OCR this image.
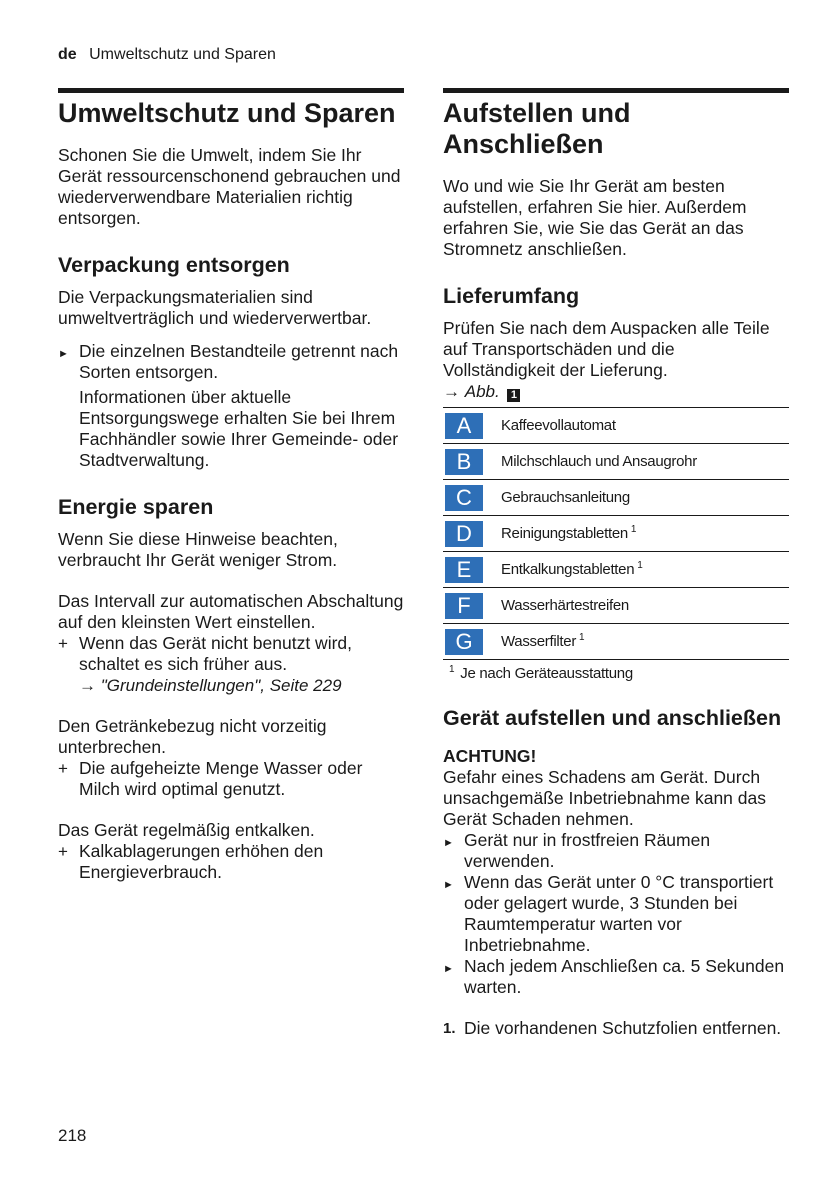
de Umweltschutz und Sparen
Umweltschutz und Sparen

Schonen Sie die Umwelt, indem Sie Ihr Gerät ressourcenschonend gebrauchen und wiederverwendbare Materialien richtig entsorgen.

Verpackung entsorgen

Die Verpackungsmaterialien sind umweltverträglich und wiederverwertbar.

► Die einzelnen Bestandteile getrennt nach Sorten entsorgen.
Informationen über aktuelle Entsorgungswege erhalten Sie bei Ihrem Fachhändler sowie Ihrer Gemeinde- oder Stadtverwaltung.
Energie sparen

Wenn Sie diese Hinweise beachten, verbraucht Ihr Gerät weniger Strom.

Das Intervall zur automatischen Abschaltung auf den kleinsten Wert einstellen.

+ Wenn das Gerät nicht benutzt wird, schaltet es sich früher aus.
→ "Grundeinstellungen", Seite 229

Den Getränkebezug nicht vorzeitig unterbrechen.

+ Die aufgeheizte Menge Wasser oder Milch wird optimal genutzt.

Das Gerät regelmäßig entkalken.

+ Kalkablagerungen erhöhen den Energieverbrauch.
Aufstellen und Anschließen

Wo und wie Sie Ihr Gerät am besten aufstellen, erfahren Sie hier. Außerdem erfahren Sie, wie Sie das Gerät an das Stromnetz anschließen.

Lieferumfang

Prüfen Sie nach dem Auspacken alle Teile auf Transportschäden und die Vollständigkeit der Lieferung.

→ Abb. 1
A	Kaffeevollautomat
B	Milchschlauch und Ansaugrohr
C	Gebrauchsanleitung
D	Reinigungstabletten $^1$
E	Entkalkungstabletten $^1$
F	Wasserhärtestreifen
G	Wasserfilter $^1$
$^1$ Je nach Geräteausstattung
Gerät aufstellen und anschließen
ACHTUNG!

Gefahr eines Schadens am Gerät. Durch unsachgemäße Inbetriebnahme kann das Gerät Schaden nehmen.

► Gerät nur in frostfreien Räumen verwenden.
► Wenn das Gerät unter 0 °C transportiert oder gelagert wurde, 3 Stunden bei Raumtemperatur warten vor Inbetriebnahme.
► Nach jedem Anschließen ca. 5 Sekunden warten.
1. Die vorhandenen Schutzfolien entfernen.
218
